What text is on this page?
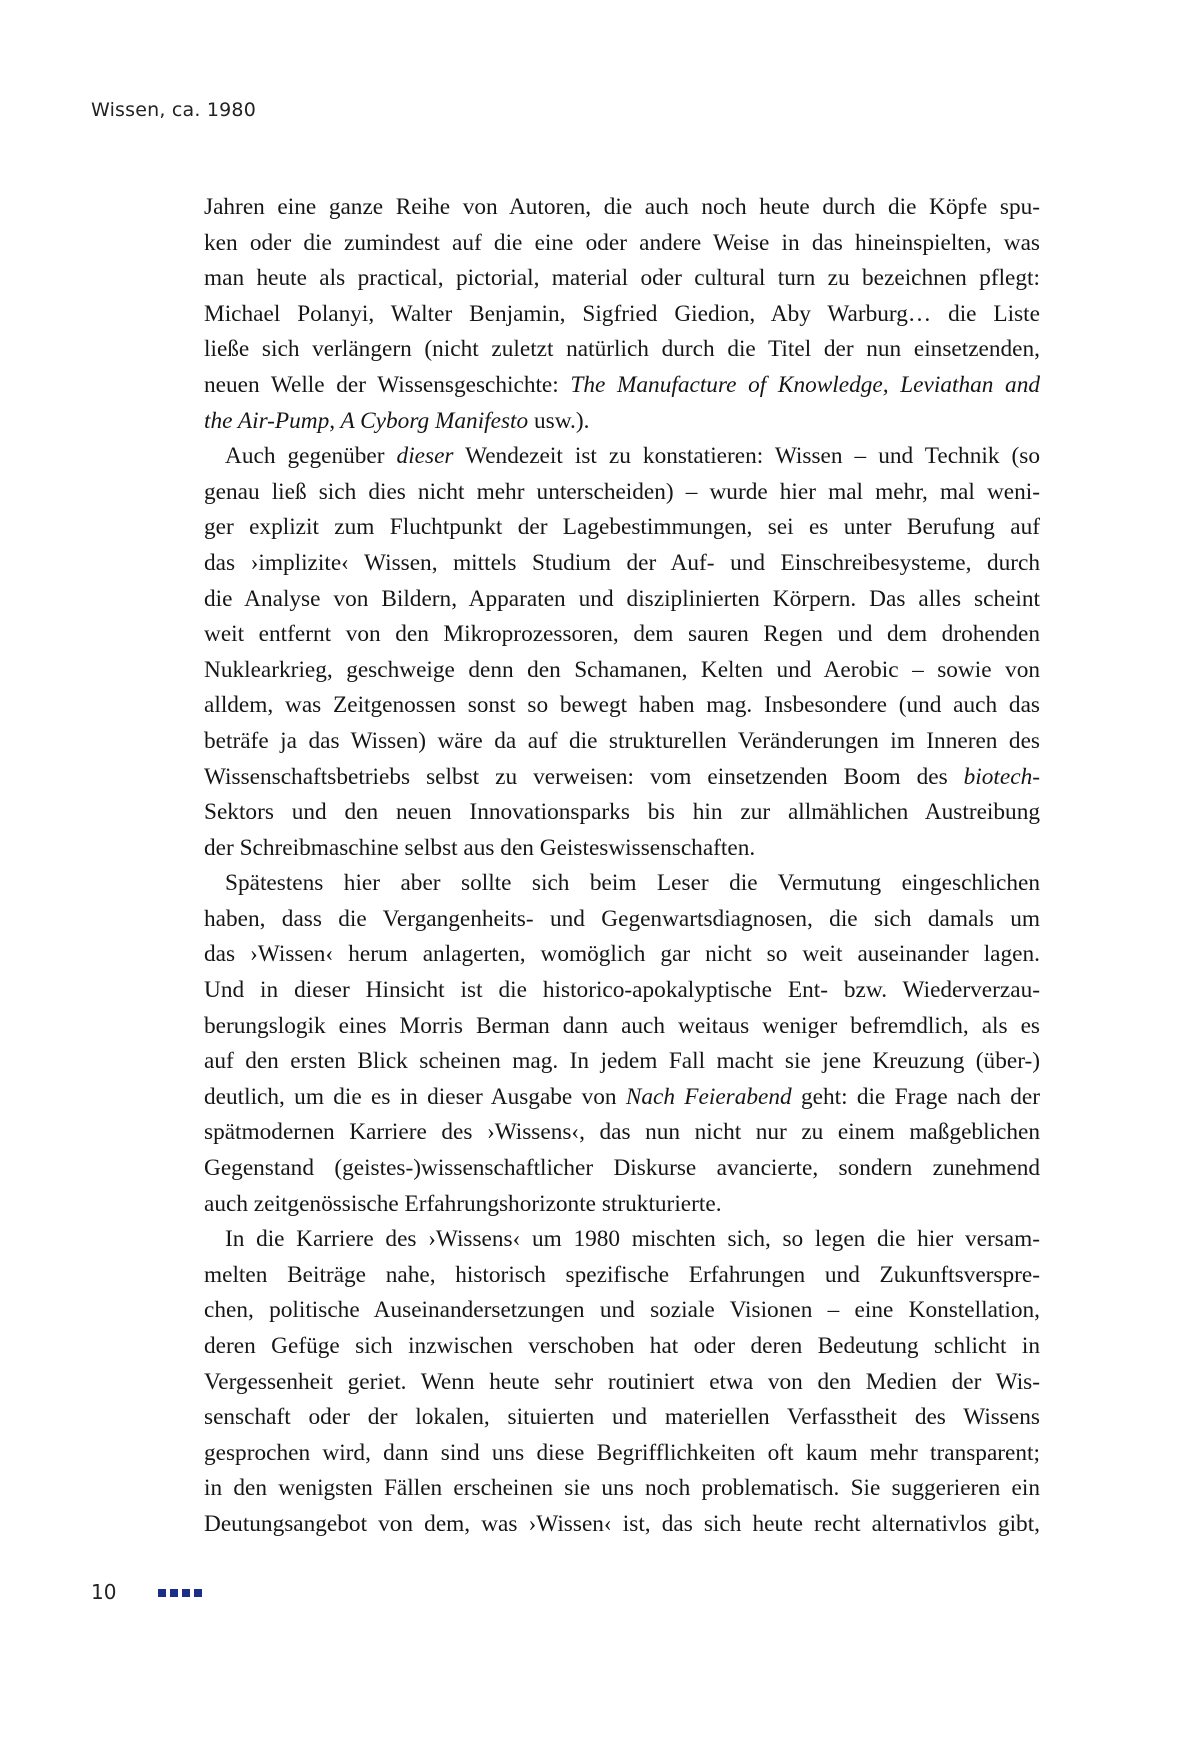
Wissen, ca. 1980

Jahren eine ganze Reihe von Autoren, die auch noch heute durch die Köpfe spu-
ken oder die zumindest auf die eine oder andere Weise in das hineinspielten, was
man heute als practical, pictorial, material oder cultural turn zu bezeichnen pflegt:
Michael Polanyi, Walter Benjamin, Sigfried Giedion, Aby Warburg… die Liste
ließe sich verlängern (nicht zuletzt natürlich durch die Titel der nun einsetzenden,
neuen Welle der Wissensgeschichte: The Manufacture of Knowledge, Leviathan and
the Air-Pump, A Cyborg Manifesto usw.).

Auch gegenüber dieser Wendezeit ist zu konstatieren: Wissen – und Technik (so
genau ließ sich dies nicht mehr unterscheiden) – wurde hier mal mehr, mal weni-
ger explizit zum Fluchtpunkt der Lagebestimmungen, sei es unter Berufung auf
das ›implizite‹ Wissen, mittels Studium der Auf- und Einschreibesysteme, durch
die Analyse von Bildern, Apparaten und disziplinierten Körpern. Das alles scheint
weit entfernt von den Mikroprozessoren, dem sauren Regen und dem drohenden
Nuklearkrieg, geschweige denn den Schamanen, Kelten und Aerobic – sowie von
alldem, was Zeitgenossen sonst so bewegt haben mag. Insbesondere (und auch das
beträfe ja das Wissen) wäre da auf die strukturellen Veränderungen im Inneren des
Wissenschaftsbetriebs selbst zu verweisen: vom einsetzenden Boom des biotech-
Sektors und den neuen Innovationsparks bis hin zur allmählichen Austreibung
der Schreibmaschine selbst aus den Geisteswissenschaften.

Spätestens hier aber sollte sich beim Leser die Vermutung eingeschlichen
haben, dass die Vergangenheits- und Gegenwartsdiagnosen, die sich damals um
das ›Wissen‹ herum anlagerten, womöglich gar nicht so weit auseinander lagen.
Und in dieser Hinsicht ist die historico-apokalyptische Ent- bzw. Wiederverzau-
berungslogik eines Morris Berman dann auch weitaus weniger befremdlich, als es
auf den ersten Blick scheinen mag. In jedem Fall macht sie jene Kreuzung (über-)
deutlich, um die es in dieser Ausgabe von Nach Feierabend geht: die Frage nach der
spätmodernen Karriere des ›Wissens‹, das nun nicht nur zu einem maßgeblichen
Gegenstand (geistes-)wissenschaftlicher Diskurse avancierte, sondern zunehmend
auch zeitgenössische Erfahrungshorizonte strukturierte.

In die Karriere des ›Wissens‹ um 1980 mischten sich, so legen die hier versam-
melten Beiträge nahe, historisch spezifische Erfahrungen und Zukunftsverspre-
chen, politische Auseinandersetzungen und soziale Visionen – eine Konstellation,
deren Gefüge sich inzwischen verschoben hat oder deren Bedeutung schlicht in
Vergessenheit geriet. Wenn heute sehr routiniert etwa von den Medien der Wis-
senschaft oder der lokalen, situierten und materiellen Verfasstheit des Wissens
gesprochen wird, dann sind uns diese Begrifflichkeiten oft kaum mehr transparent;
in den wenigsten Fällen erscheinen sie uns noch problematisch. Sie suggerieren ein
Deutungsangebot von dem, was ›Wissen‹ ist, das sich heute recht alternativlos gibt,

10
